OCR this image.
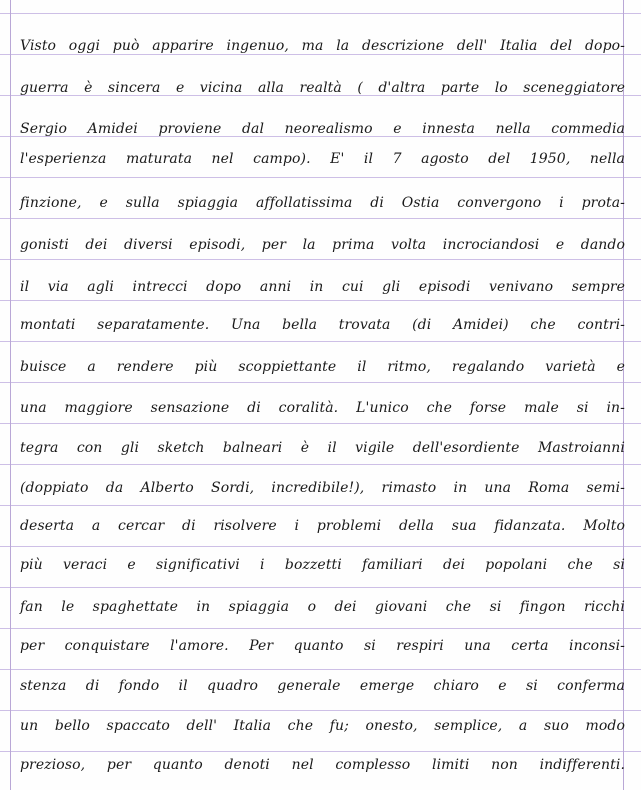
Visto oggi può apparire ingenuo, ma la descrizione dell' Italia del dopo-

guerra è sincera e vicina alla realtà ( d'altra parte lo sceneggiatore

Sergio Amidei proviene dal neorealismo e innesta nella commedia

l'esperienza maturata nel campo). E' il 7 agosto del 1950, nella

finzione, e sulla spiaggia affollatissima di Ostia convergono i prota-

gonisti dei diversi episodi, per la prima volta incrociandosi e dando

il via agli intrecci dopo anni in cui gli episodi venivano sempre

montati separatamente. Una bella trovata (di Amidei) che contri-

buisce a rendere più scoppiettante il ritmo, regalando varietà e

una maggiore sensazione di coralità. L'unico che forse male si in-

tegra con gli sketch balneari è il vigile dell'esordiente Mastroianni

(doppiato da Alberto Sordi, incredibile!), rimasto in una Roma semi-

deserta a cercar di risolvere i problemi della sua fidanzata. Molto

più veraci e significativi i bozzetti familiari dei popolani che si

fan le spaghettate in spiaggia o dei giovani che si fingon ricchi

per conquistare l'amore. Per quanto si respiri una certa inconsi-

stenza di fondo il quadro generale emerge chiaro e si conferma

un bello spaccato dell' Italia che fu; onesto, semplice, a suo modo

prezioso, per quanto denoti nel complesso limiti non indifferenti.
